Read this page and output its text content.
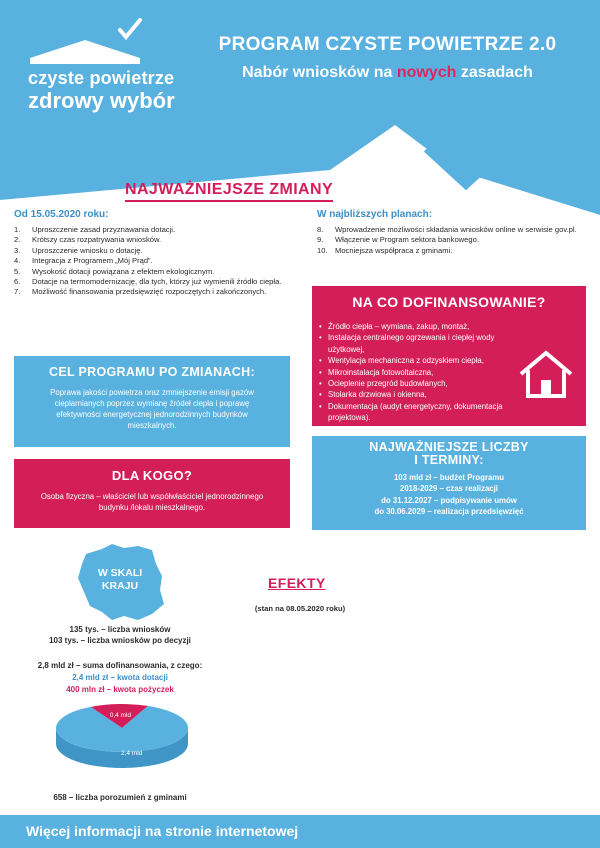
czyste powietrze
zdrowy wybór
PROGRAM CZYSTE POWIETRZE 2.0
Nabór wniosków na nowych zasadach
NAJWAŻNIEJSZE ZMIANY
Od 15.05.2020 roku:
1. Uproszczenie zasad przyznawania dotacji.
2. Krótszy czas rozpatrywania wniosków.
3. Uproszczenie wniosku o dotację.
4. Integracja z Programem „Mój Prąd”.
5. Wysokość dotacji powiązana z efektem ekologicznym.
6. Dotacje na termomodernizację, dla tych, którzy już wymienili źródło ciepła.
7. Możliwość finansowania przedsięwzięć rozpoczętych i zakończonych.
W najbliższych planach:
8. Wprowadzenie możliwości składania wniosków online w serwisie gov.pl.
9. Włączenie w Program sektora bankowego.
10. Mocniejsza współpraca z gminami.
NA CO DOFINANSOWANIE?
• Źródło ciepła – wymiana, zakup, montaż,
• Instalacja centralnego ogrzewania i ciepłej wody użytkowej,
• Wentylacja mechaniczna z odzyskiem ciepła,
• Mikroinstalacja fotowoltaiczna,
• Ocieplenie przegród budowlanych,
• Stolarka drzwiowa i okienna,
• Dokumentacja (audyt energetyczny, dokumentacja projektowa).
CEL PROGRAMU PO ZMIANACH:
Poprawa jakości powietrza oraz zmniejszenie emisji gazów cieplarnianych poprzez wymianę źródeł ciepła i poprawę efektywności energetycznej jednorodzinnych budynków mieszkalnych.
NAJWAŻNIEJSZE LICZBY
I TERMINY:
103 mld zł – budżet Programu
2018-2029 – czas realizacji
do 31.12.2027 – podpisywanie umów
do 30.06.2029 – realizacja przedsięwzięć
DLA KOGO?
Osoba fizyczna – właściciel lub współwłaściciel jednorodzinnego budynku /lokalu mieszkalnego.
W SKALI
KRAJU	EFEKTY
(stan na 08.05.2020 roku)
135 tys. – liczba wniosków
103 tys. – liczba wniosków po decyzji
2,8 mld zł – suma dofinansowania, z czego:
2,4 mld zł – kwota dotacji
400 mln zł – kwota pożyczek
0,4 mld
2,4 mld
658 – liczba porozumień z gminami
Więcej informacji na stronie internetowej
